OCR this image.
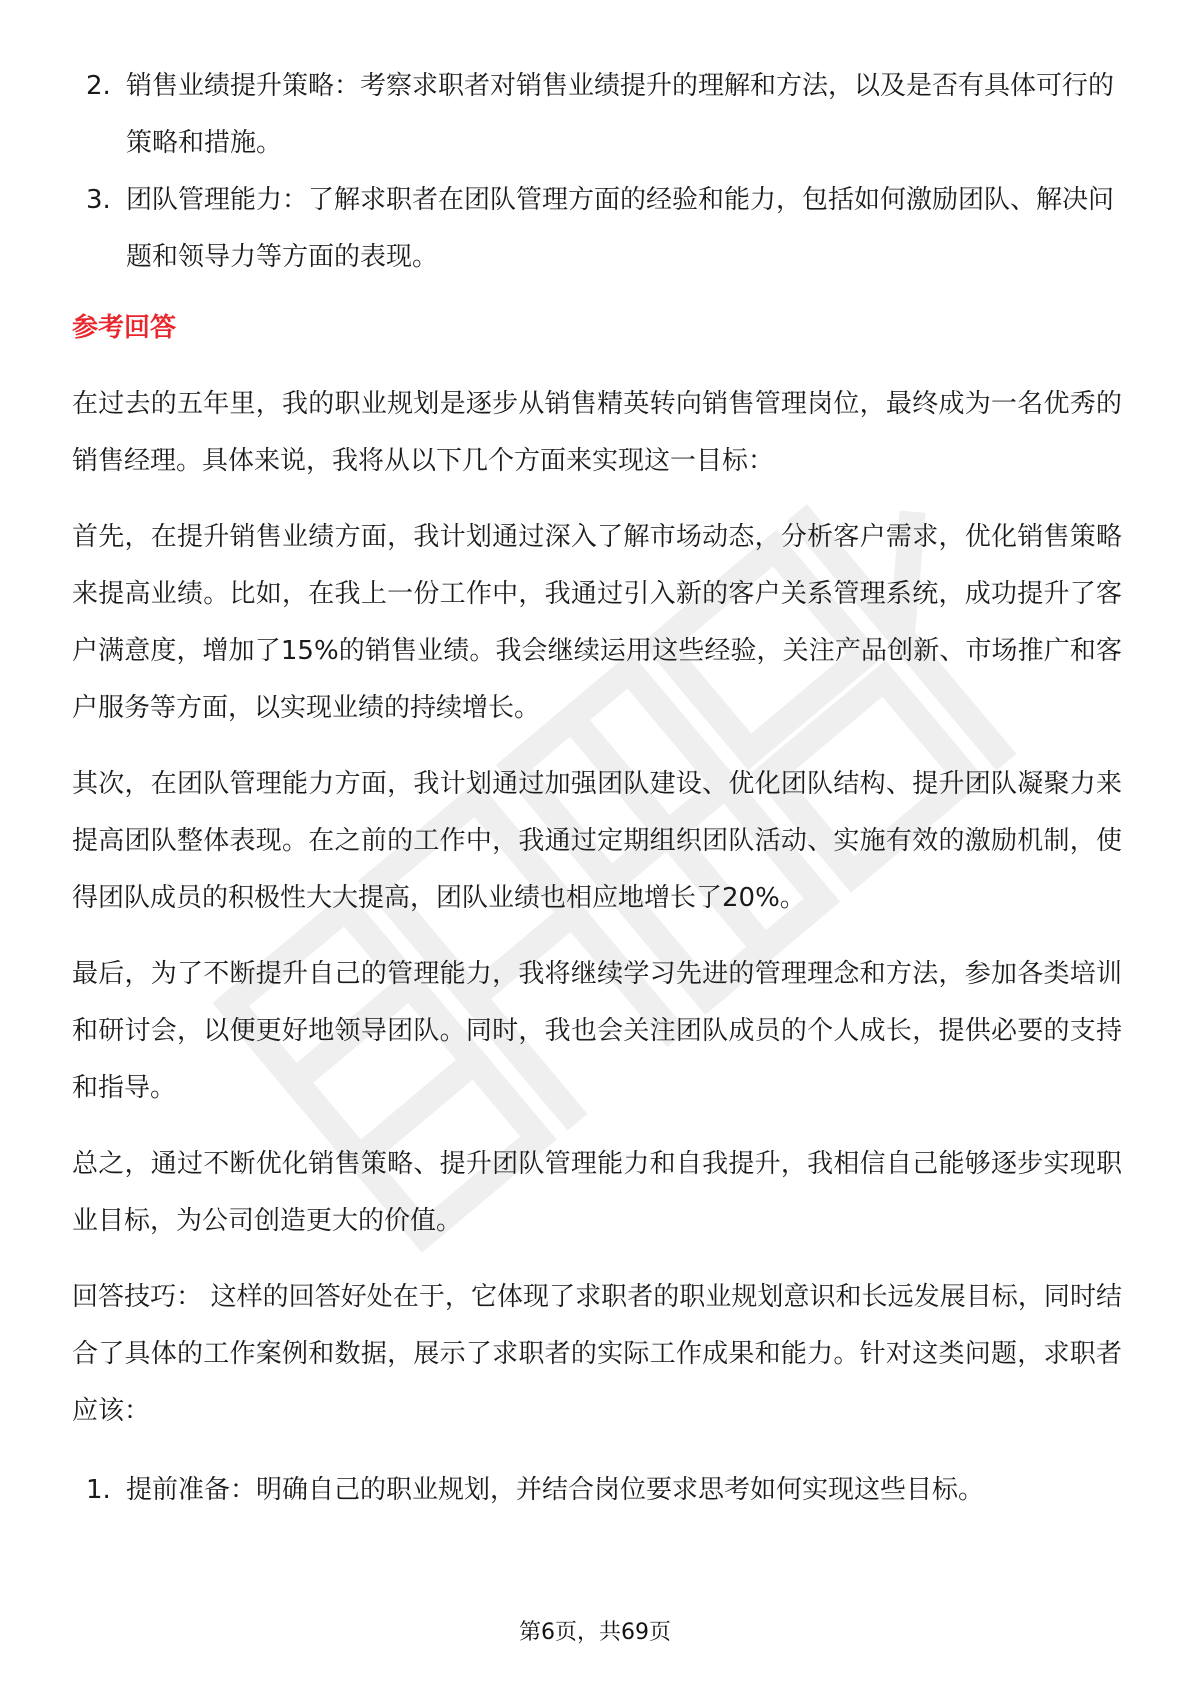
2. 销售业绩提升策略：考察求职者对销售业绩提升的理解和方法，以及是否有具体可行的策略和措施。
3. 团队管理能力：了解求职者在团队管理方面的经验和能力，包括如何激励团队、解决问题和领导力等方面的表现。
参考回答

在过去的五年里，我的职业规划是逐步从销售精英转向销售管理岗位，最终成为一名优秀的销售经理。具体来说，我将从以下几个方面来实现这一目标：

首先，在提升销售业绩方面，我计划通过深入了解市场动态，分析客户需求，优化销售策略来提高业绩。比如，在我上一份工作中，我通过引入新的客户关系管理系统，成功提升了客户满意度，增加了15%的销售业绩。我会继续运用这些经验，关注产品创新、市场推广和客户服务等方面，以实现业绩的持续增长。

其次，在团队管理能力方面，我计划通过加强团队建设、优化团队结构、提升团队凝聚力来提高团队整体表现。在之前的工作中，我通过定期组织团队活动、实施有效的激励机制，使得团队成员的积极性大大提高，团队业绩也相应地增长了20%。

最后，为了不断提升自己的管理能力，我将继续学习先进的管理理念和方法，参加各类培训和研讨会，以便更好地领导团队。同时，我也会关注团队成员的个人成长，提供必要的支持和指导。

总之，通过不断优化销售策略、提升团队管理能力和自我提升，我相信自己能够逐步实现职业目标，为公司创造更大的价值。

回答技巧： 这样的回答好处在于，它体现了求职者的职业规划意识和长远发展目标，同时结合了具体的工作案例和数据，展示了求职者的实际工作成果和能力。针对这类问题，求职者应该：

1. 提前准备：明确自己的职业规划，并结合岗位要求思考如何实现这些目标。
第6页，共69页
